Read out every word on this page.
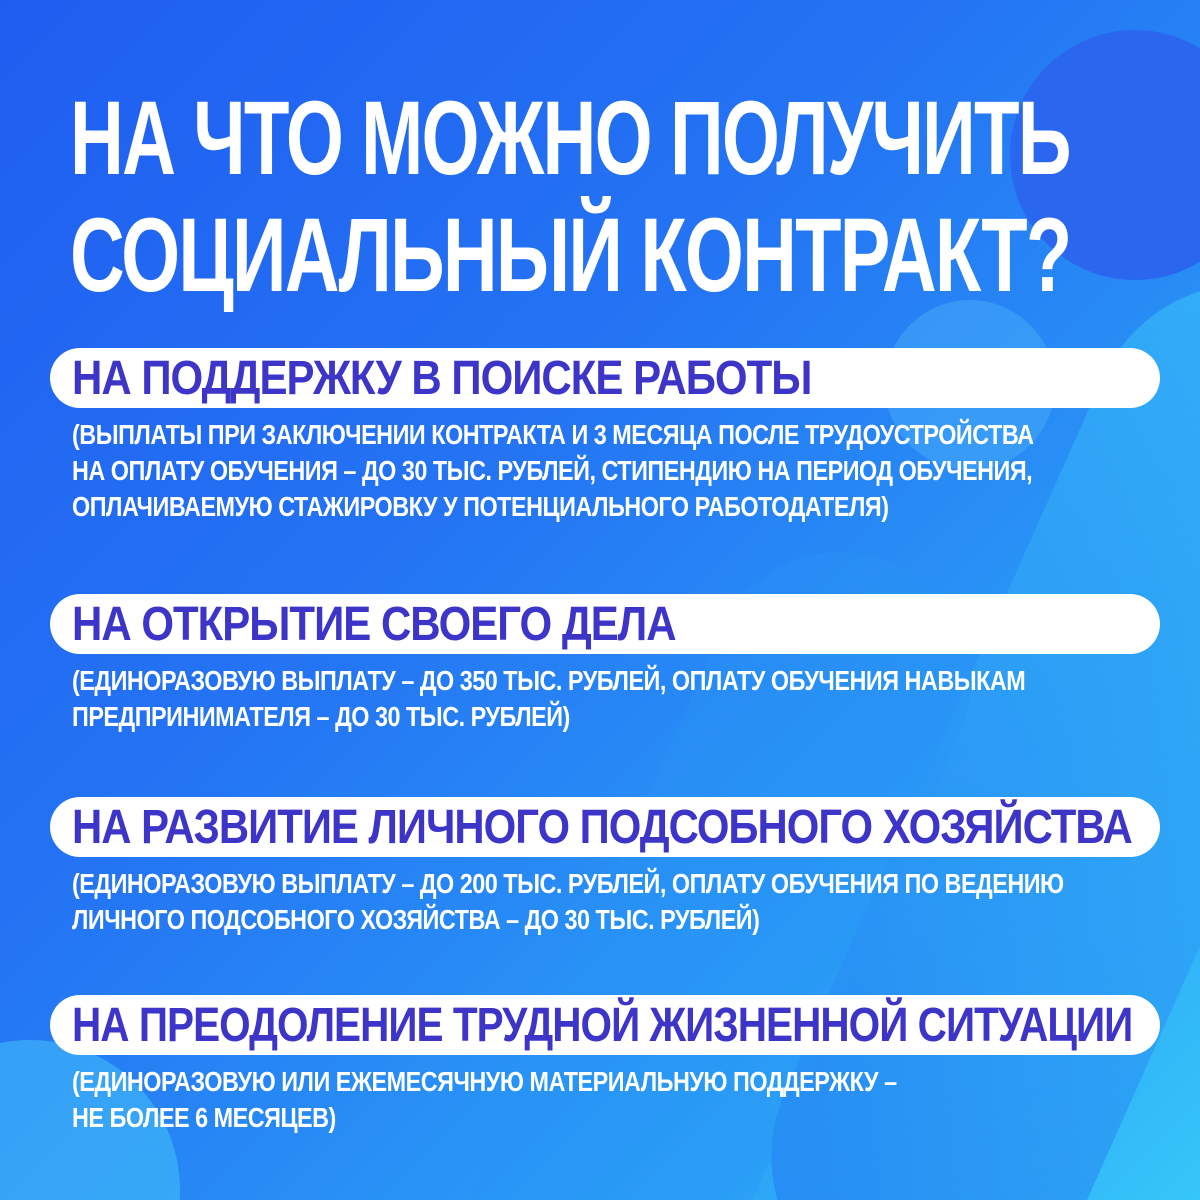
НА ЧТО МОЖНО ПОЛУЧИТЬ
СОЦИАЛЬНЫЙ КОНТРАКТ?
НА ПОДДЕРЖКУ В ПОИСКЕ РАБОТЫ
(ВЫПЛАТЫ ПРИ ЗАКЛЮЧЕНИИ КОНТРАКТА И 3 МЕСЯЦА ПОСЛЕ ТРУДОУСТРОЙСТВА
НА ОПЛАТУ ОБУЧЕНИЯ – ДО 30 ТЫС. РУБЛЕЙ, СТИПЕНДИЮ НА ПЕРИОД ОБУЧЕНИЯ,
ОПЛАЧИВАЕМУЮ СТАЖИРОВКУ У ПОТЕНЦИАЛЬНОГО РАБОТОДАТЕЛЯ)
НА ОТКРЫТИЕ СВОЕГО ДЕЛА
(ЕДИНОРАЗОВУЮ ВЫПЛАТУ – ДО 350 ТЫС. РУБЛЕЙ, ОПЛАТУ ОБУЧЕНИЯ НАВЫКАМ
ПРЕДПРИНИМАТЕЛЯ – ДО 30 ТЫС. РУБЛЕЙ)
НА РАЗВИТИЕ ЛИЧНОГО ПОДСОБНОГО ХОЗЯЙСТВА
(ЕДИНОРАЗОВУЮ ВЫПЛАТУ – ДО 200 ТЫС. РУБЛЕЙ, ОПЛАТУ ОБУЧЕНИЯ ПО ВЕДЕНИЮ
ЛИЧНОГО ПОДСОБНОГО ХОЗЯЙСТВА – ДО 30 ТЫС. РУБЛЕЙ)
НА ПРЕОДОЛЕНИЕ ТРУДНОЙ ЖИЗНЕННОЙ СИТУАЦИИ
(ЕДИНОРАЗОВУЮ ИЛИ ЕЖЕМЕСЯЧНУЮ МАТЕРИАЛЬНУЮ ПОДДЕРЖКУ –
НЕ БОЛЕЕ 6 МЕСЯЦЕВ)
